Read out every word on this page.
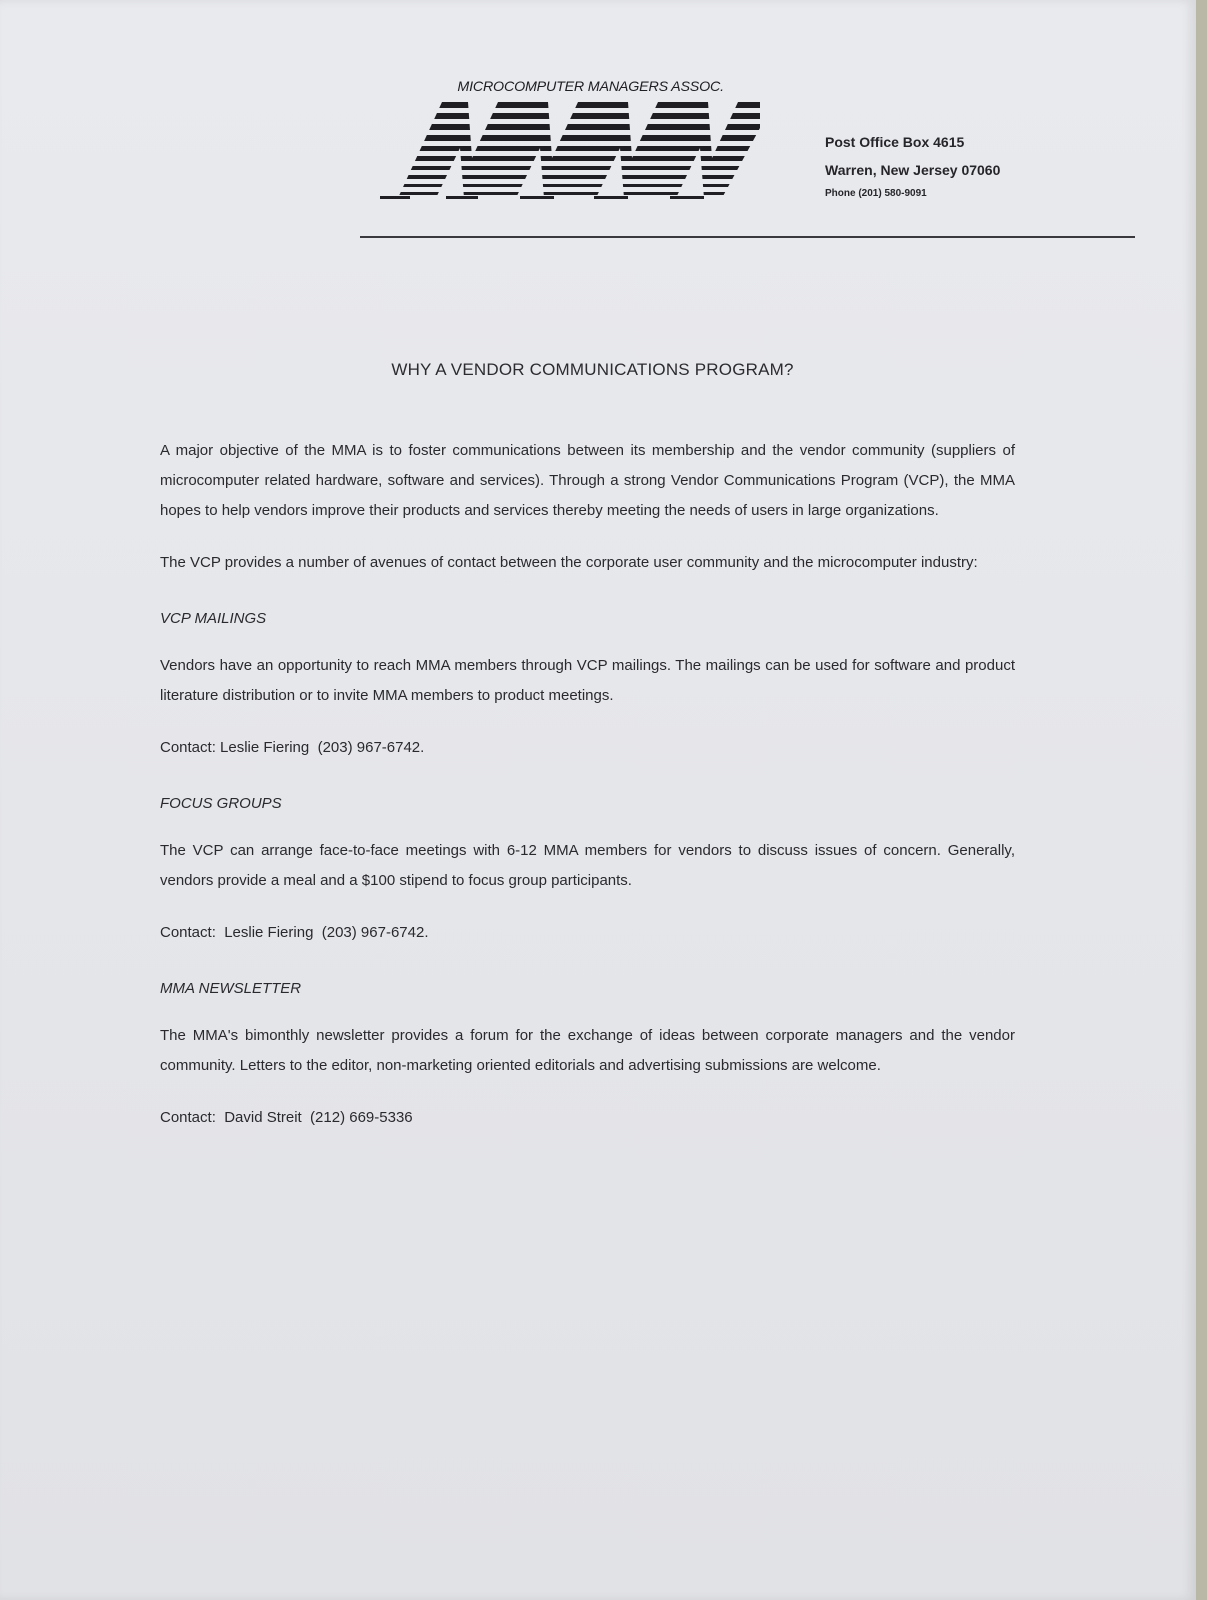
MICROCOMPUTER MANAGERS ASSOC.
Post Office Box 4615
Warren, New Jersey 07060
Phone (201) 580-9091
WHY A VENDOR COMMUNICATIONS PROGRAM?

A major objective of the MMA is to foster communications between its membership and the vendor community (suppliers of microcomputer related hardware, software and services). Through a strong Vendor Communications Program (VCP), the MMA hopes to help vendors improve their products and services thereby meeting the needs of users in large organizations.

The VCP provides a number of avenues of contact between the corporate user community and the microcomputer industry:

VCP MAILINGS

Vendors have an opportunity to reach MMA members through VCP mailings. The mailings can be used for software and product literature distribution or to invite MMA members to product meetings.

Contact: Leslie Fiering  (203) 967-6742.

FOCUS GROUPS

The VCP can arrange face-to-face meetings with 6-12 MMA members for vendors to discuss issues of concern. Generally, vendors provide a meal and a $100 stipend to focus group participants.

Contact:  Leslie Fiering  (203) 967-6742.

MMA NEWSLETTER

The MMA's bimonthly newsletter provides a forum for the exchange of ideas between corporate managers and the vendor community. Letters to the editor, non-marketing oriented editorials and advertising submissions are welcome.

Contact:  David Streit  (212) 669-5336
